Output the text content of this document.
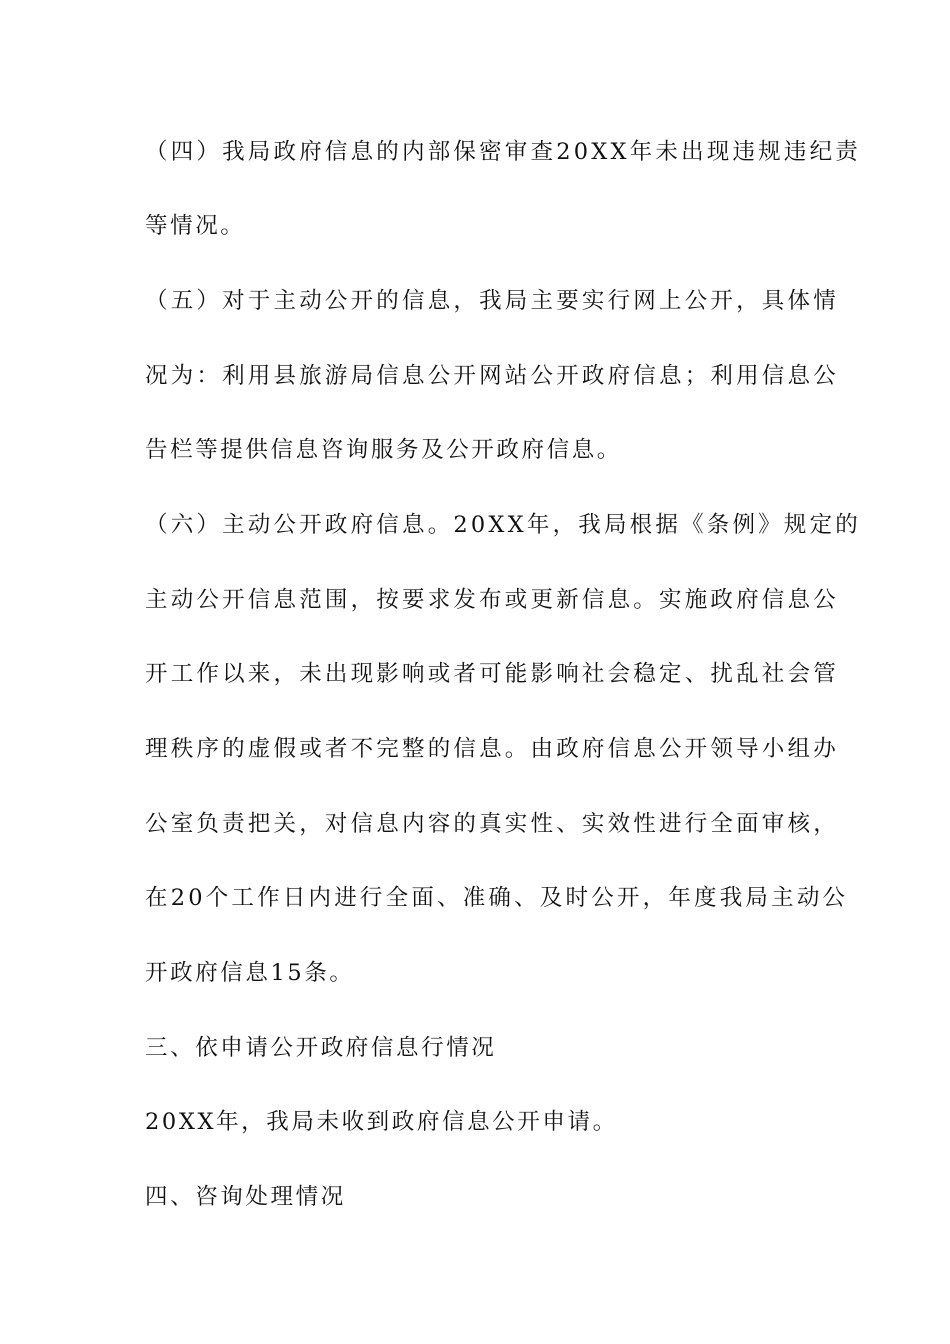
（四）我局政府信息的内部保密审查20XX年未出现违规违纪责
等情况。
（五）对于主动公开的信息，我局主要实行网上公开，具体情
况为：利用县旅游局信息公开网站公开政府信息；利用信息公
告栏等提供信息咨询服务及公开政府信息。
（六）主动公开政府信息。20XX年，我局根据《条例》规定的
主动公开信息范围，按要求发布或更新信息。实施政府信息公
开工作以来，未出现影响或者可能影响社会稳定、扰乱社会管
理秩序的虚假或者不完整的信息。由政府信息公开领导小组办
公室负责把关，对信息内容的真实性、实效性进行全面审核，
在20个工作日内进行全面、准确、及时公开，年度我局主动公
开政府信息15条。
三、依申请公开政府信息行情况
20XX年，我局未收到政府信息公开申请。
四、咨询处理情况
